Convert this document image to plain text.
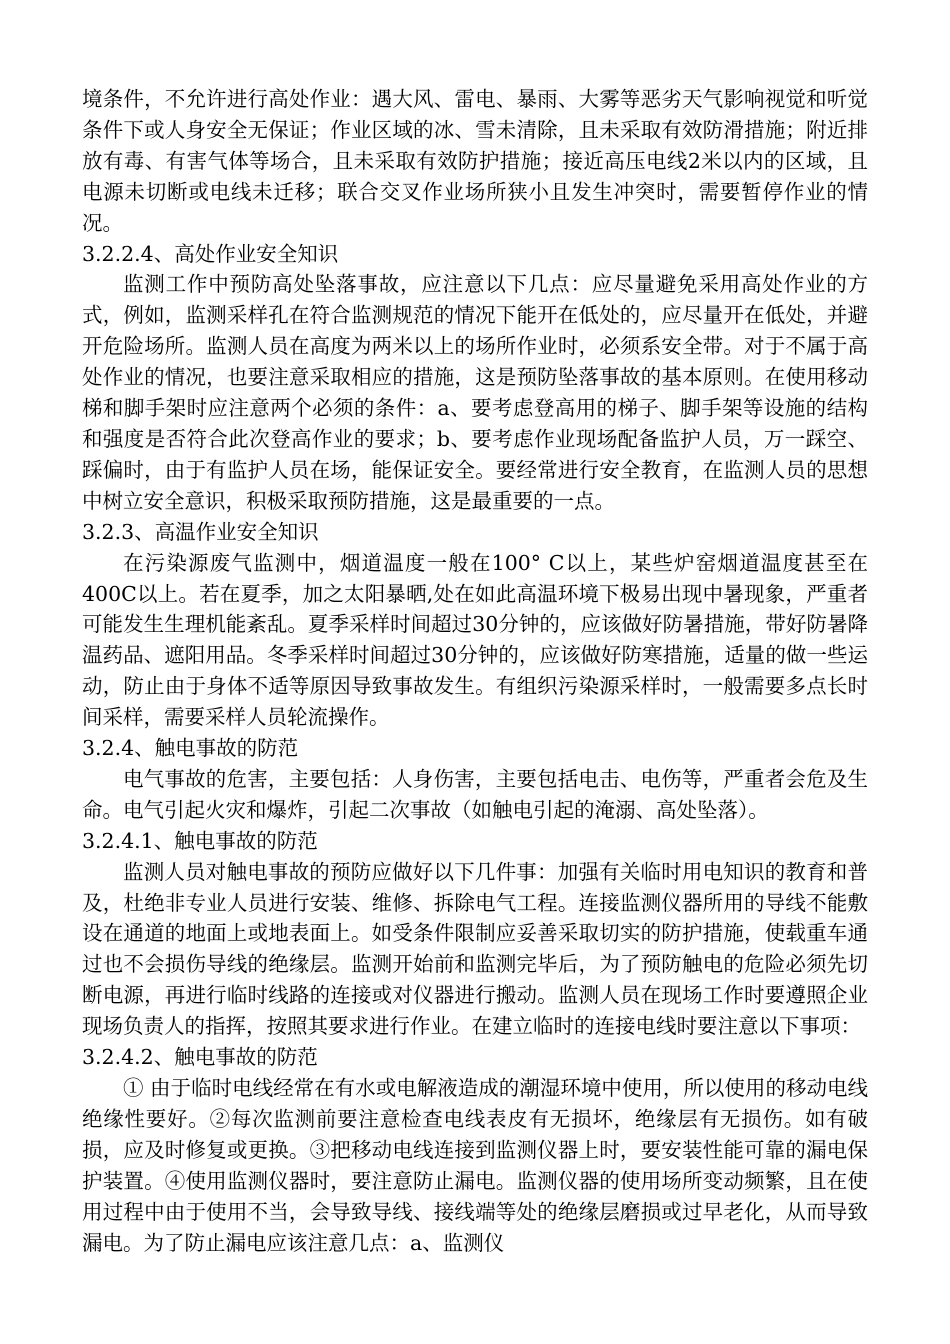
境条件，不允许进行高处作业：遇大风、雷电、暴雨、大雾等恶劣天气影响视觉和听觉条件下或人身安全无保证；作业区域的冰、雪未清除，且未采取有效防滑措施；附近排放有毒、有害气体等场合，且未采取有效防护措施；接近高压电线2米以内的区域，且电源未切断或电线未迁移；联合交叉作业场所狭小且发生冲突时，需要暂停作业的情况。

3.2.2.4、高处作业安全知识

监测工作中预防高处坠落事故，应注意以下几点：应尽量避免采用高处作业的方式，例如，监测采样孔在符合监测规范的情况下能开在低处的，应尽量开在低处，并避开危险场所。监测人员在高度为两米以上的场所作业时，必须系安全带。对于不属于高处作业的情况，也要注意采取相应的措施，这是预防坠落事故的基本原则。在使用移动梯和脚手架时应注意两个必须的条件：a、要考虑登高用的梯子、脚手架等设施的结构和强度是否符合此次登高作业的要求；b、要考虑作业现场配备监护人员，万一踩空、踩偏时，由于有监护人员在场，能保证安全。要经常进行安全教育，在监测人员的思想中树立安全意识，积极采取预防措施，这是最重要的一点。

3.2.3、高温作业安全知识

在污染源废气监测中，烟道温度一般在100° C以上，某些炉窑烟道温度甚至在400C以上。若在夏季，加之太阳暴晒,处在如此高温环境下极易出现中暑现象，严重者可能发生生理机能紊乱。夏季采样时间超过30分钟的，应该做好防暑措施，带好防暑降温药品、遮阳用品。冬季采样时间超过30分钟的，应该做好防寒措施，适量的做一些运动，防止由于身体不适等原因导致事故发生。有组织污染源采样时，一般需要多点长时间采样，需要采样人员轮流操作。

3.2.4、触电事故的防范

电气事故的危害，主要包括：人身伤害，主要包括电击、电伤等，严重者会危及生命。电气引起火灾和爆炸，引起二次事故（如触电引起的淹溺、高处坠落）。

3.2.4.1、触电事故的防范

监测人员对触电事故的预防应做好以下几件事：加强有关临时用电知识的教育和普及，杜绝非专业人员进行安装、维修、拆除电气工程。连接监测仪器所用的导线不能敷设在通道的地面上或地表面上。如受条件限制应妥善采取切实的防护措施，使载重车通过也不会损伤导线的绝缘层。监测开始前和监测完毕后，为了预防触电的危险必须先切断电源，再进行临时线路的连接或对仪器进行搬动。监测人员在现场工作时要遵照企业现场负责人的指挥，按照其要求进行作业。在建立临时的连接电线时要注意以下事项：

3.2.4.2、触电事故的防范

① 由于临时电线经常在有水或电解液造成的潮湿环境中使用，所以使用的移动电线绝缘性要好。②每次监测前要注意检查电线表皮有无损坏，绝缘层有无损伤。如有破损，应及时修复或更换。③把移动电线连接到监测仪器上时，要安装性能可靠的漏电保护装置。④使用监测仪器时，要注意防止漏电。监测仪器的使用场所变动频繁，且在使用过程中由于使用不当，会导致导线、接线端等处的绝缘层磨损或过早老化，从而导致漏电。为了防止漏电应该注意几点：a、监测仪
